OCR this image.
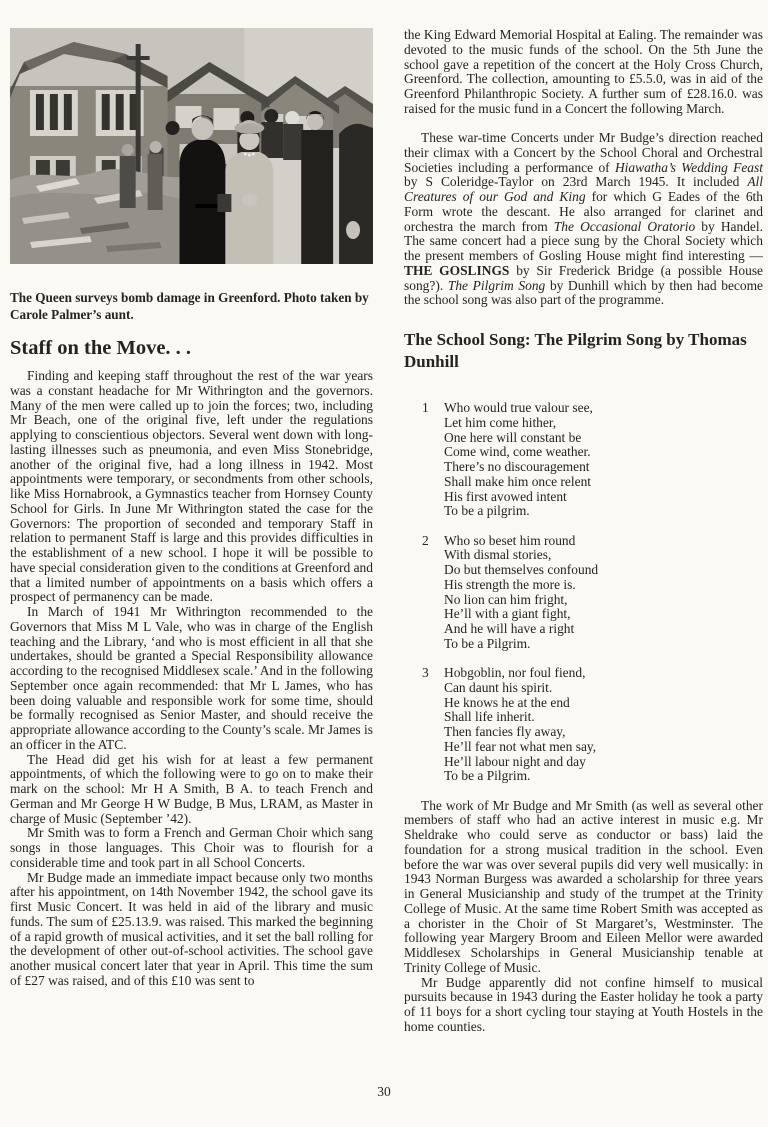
The Queen surveys bomb damage in Greenford. Photo taken by Carole Palmer’s aunt.

Staff on the Move. . .

Finding and keeping staff throughout the rest of the war years was a constant headache for Mr Withrington and the governors. Many of the men were called up to join the forces; two, including Mr Beach, one of the original five, left under the regulations applying to conscientious objectors. Several went down with long-lasting illnesses such as pneumonia, and even Miss Stonebridge, another of the original five, had a long illness in 1942. Most appointments were temporary, or secondments from other schools, like Miss Hornabrook, a Gymnastics teacher from Hornsey County School for Girls. In June Mr Withrington stated the case for the Governors: The proportion of seconded and temporary Staff in relation to permanent Staff is large and this provides difficulties in the establishment of a new school. I hope it will be possible to have special consideration given to the conditions at Greenford and that a limited number of appointments on a basis which offers a prospect of permanency can be made.

In March of 1941 Mr Withrington recommended to the Governors that Miss M L Vale, who was in charge of the English teaching and the Library, ‘and who is most efficient in all that she undertakes, should be granted a Special Responsibility allowance according to the recognised Middlesex scale.’ And in the following September once again recommended: that Mr L James, who has been doing valuable and responsible work for some time, should be formally recognised as Senior Master, and should receive the appropriate allowance according to the County’s scale. Mr James is an officer in the ATC.

The Head did get his wish for at least a few permanent appointments, of which the following were to go on to make their mark on the school: Mr H A Smith, B A. to teach French and German and Mr George H W Budge, B Mus, LRAM, as Master in charge of Music (September ’42).

Mr Smith was to form a French and German Choir which sang songs in those languages. This Choir was to flourish for a considerable time and took part in all School Concerts.

Mr Budge made an immediate impact because only two months after his appointment, on 14th November 1942, the school gave its first Music Concert. It was held in aid of the library and music funds. The sum of £25.13.9. was raised. This marked the beginning of a rapid growth of musical activities, and it set the ball rolling for the development of other out-of-school activities. The school gave another musical concert later that year in April. This time the sum of £27 was raised, and of this £10 was sent to

the King Edward Memorial Hospital at Ealing. The remainder was devoted to the music funds of the school. On the 5th June the school gave a repetition of the concert at the Holy Cross Church, Greenford. The collection, amounting to £5.5.0, was in aid of the Greenford Philanthropic Society. A further sum of £28.16.0. was raised for the music fund in a Concert the following March.

These war-time Concerts under Mr Budge’s direction reached their climax with a Concert by the School Choral and Orchestral Societies including a performance of Hiawatha’s Wedding Feast by S Coleridge-Taylor on 23rd March 1945. It included All Creatures of our God and King for which G Eades of the 6th Form wrote the descant. He also arranged for clarinet and orchestra the march from The Occasional Oratorio by Handel. The same concert had a piece sung by the Choral Society which the present members of Gosling House might find interesting — THE GOSLINGS by Sir Frederick Bridge (a possible House song?). The Pilgrim Song by Dunhill which by then had become the school song was also part of the programme.

The School Song: The Pilgrim Song by Thomas Dunhill
1	Who would true valour see,
Let him come hither,
One here will constant be
Come wind, come weather.
There’s no discouragement
Shall make him once relent
His first avowed intent
To be a pilgrim.
2	Who so beset him round
With dismal stories,
Do but themselves confound
His strength the more is.
No lion can him fright,
He’ll with a giant fight,
And he will have a right
To be a Pilgrim.
3	Hobgoblin, nor foul fiend,
Can daunt his spirit.
He knows he at the end
Shall life inherit.
Then fancies fly away,
He’ll fear not what men say,
He’ll labour night and day
To be a Pilgrim.

The work of Mr Budge and Mr Smith (as well as several other members of staff who had an active interest in music e.g. Mr Sheldrake who could serve as conductor or bass) laid the foundation for a strong musical tradition in the school. Even before the war was over several pupils did very well musically: in 1943 Norman Burgess was awarded a scholarship for three years in General Musicianship and study of the trumpet at the Trinity College of Music. At the same time Robert Smith was accepted as a chorister in the Choir of St Margaret’s, Westminster. The following year Margery Broom and Eileen Mellor were awarded Middlesex Scholarships in General Musicianship tenable at Trinity College of Music.

Mr Budge apparently did not confine himself to musical pursuits because in 1943 during the Easter holiday he took a party of 11 boys for a short cycling tour staying at Youth Hostels in the home counties.

30
